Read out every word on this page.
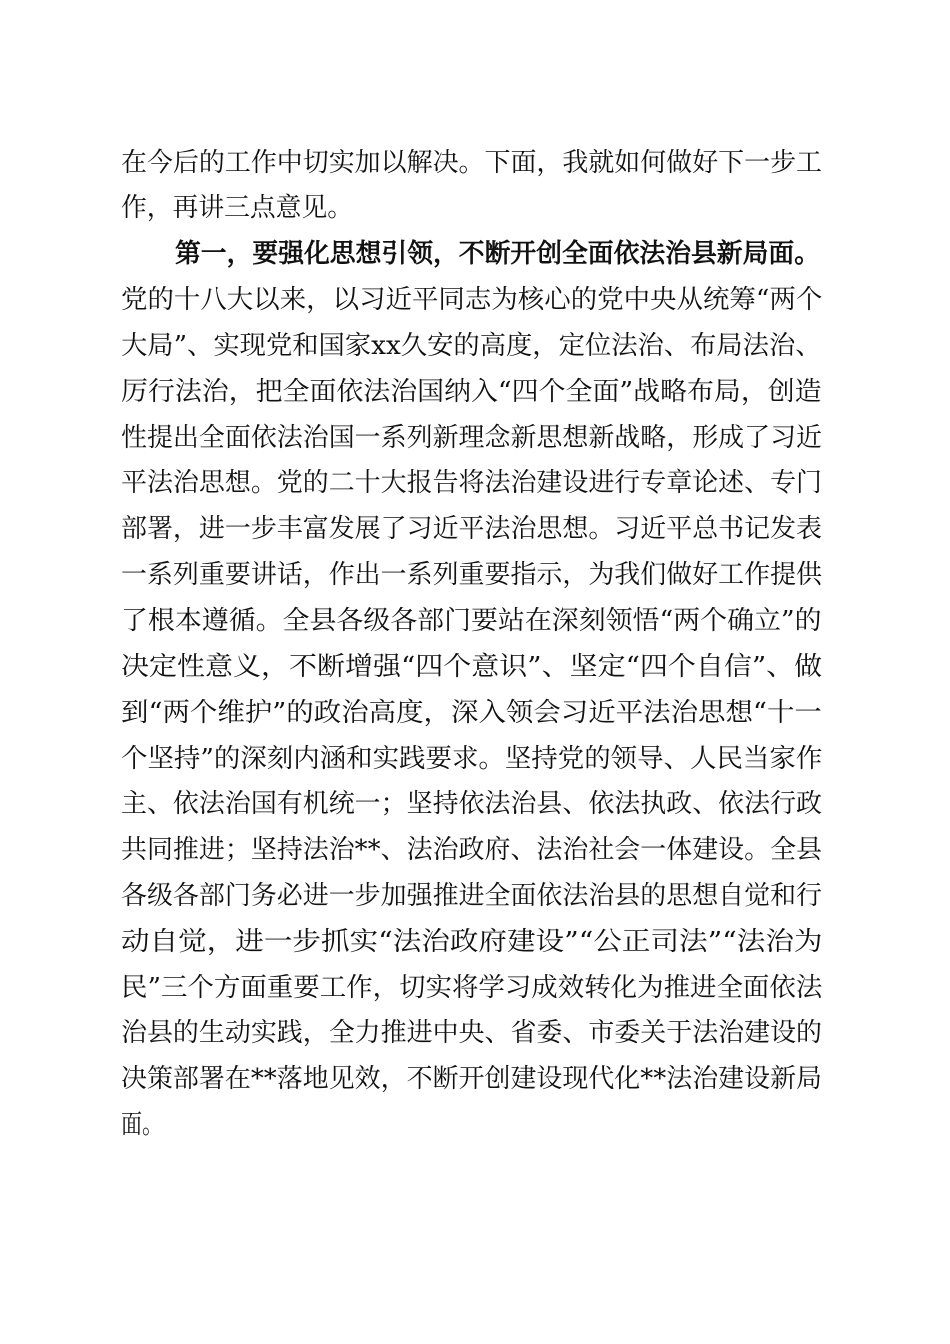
在今后的工作中切实加以解决。下面，我就如何做好下一步工
作，再讲三点意见。
第一，要强化思想引领，不断开创全面依法治县新局面。
党的十八大以来，以习近平同志为核心的党中央从统筹“两个
大局”、实现党和国家xx久安的高度，定位法治、布局法治、
厉行法治，把全面依法治国纳入“四个全面”战略布局，创造
性提出全面依法治国一系列新理念新思想新战略，形成了习近
平法治思想。党的二十大报告将法治建设进行专章论述、专门
部署，进一步丰富发展了习近平法治思想。习近平总书记发表
一系列重要讲话，作出一系列重要指示，为我们做好工作提供
了根本遵循。全县各级各部门要站在深刻领悟“两个确立”的
决定性意义，不断增强“四个意识”、坚定“四个自信”、做
到“两个维护”的政治高度，深入领会习近平法治思想“十一
个坚持”的深刻内涵和实践要求。坚持党的领导、人民当家作
主、依法治国有机统一；坚持依法治县、依法执政、依法行政
共同推进；坚持法治**、法治政府、法治社会一体建设。全县
各级各部门务必进一步加强推进全面依法治县的思想自觉和行
动自觉，进一步抓实“法治政府建设”“公正司法”“法治为
民”三个方面重要工作，切实将学习成效转化为推进全面依法
治县的生动实践，全力推进中央、省委、市委关于法治建设的
决策部署在**落地见效，不断开创建设现代化**法治建设新局
面。
